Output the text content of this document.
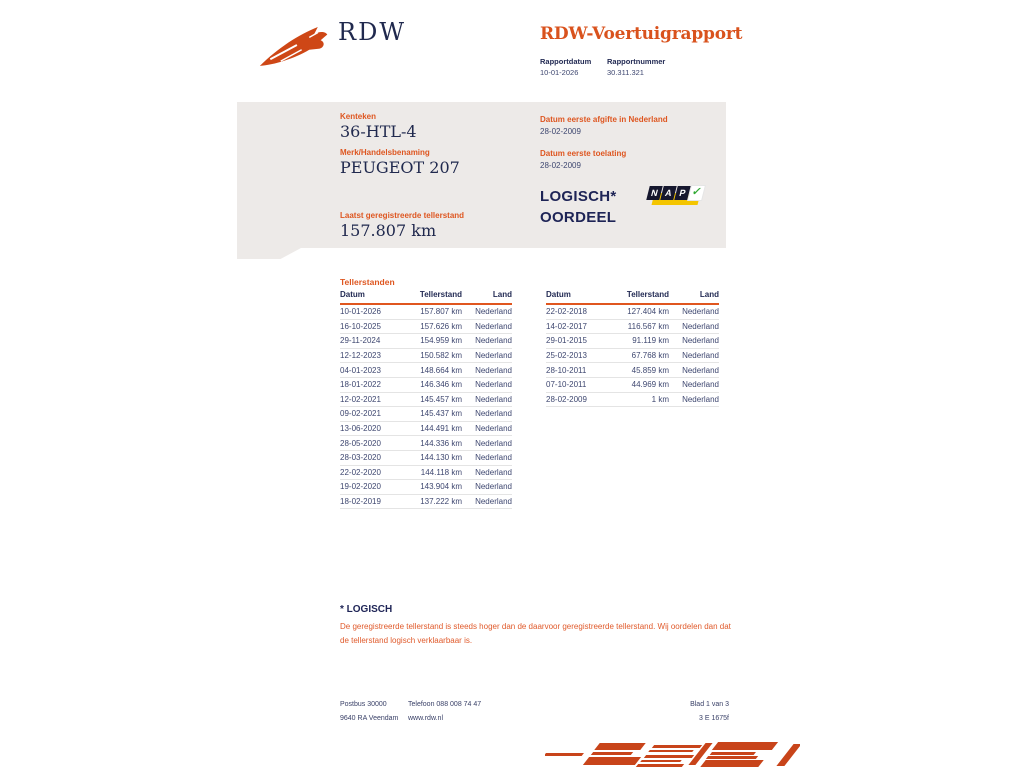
RDW	RDW-Voertuigrapport
Rapportdatum Rapportnummer
10-01-2026	30.311.321
Kenteken
36-HTL-4
Merk/Handelsbenaming
PEUGEOT 207
Laatst geregistreerde tellerstand
157.807 km
Datum eerste afgifte in Nederland
28-02-2009
Datum eerste toelating
28-02-2009
LOGISCH*
OORDEEL
N A P ✓
Tellerstanden
Datum	Tellerstand	Land
10-01-2026	157.807 km	Nederland
16-10-2025	157.626 km	Nederland
29-11-2024	154.959 km	Nederland
12-12-2023	150.582 km	Nederland
04-01-2023	148.664 km	Nederland
18-01-2022	146.346 km	Nederland
12-02-2021	145.457 km	Nederland
09-02-2021	145.437 km	Nederland
13-06-2020	144.491 km	Nederland
28-05-2020	144.336 km	Nederland
28-03-2020	144.130 km	Nederland
22-02-2020	144.118 km	Nederland
19-02-2020	143.904 km	Nederland
18-02-2019	137.222 km	Nederland
Datum	Tellerstand	Land
22-02-2018	127.404 km	Nederland
14-02-2017	116.567 km	Nederland
29-01-2015	91.119 km	Nederland
25-02-2013	67.768 km	Nederland
28-10-2011	45.859 km	Nederland
07-10-2011	44.969 km	Nederland
28-02-2009	1 km	Nederland
* LOGISCH
De geregistreerde tellerstand is steeds hoger dan de daarvoor geregistreerde tellerstand. Wij oordelen dan dat de tellerstand logisch verklaarbaar is.
Postbus 30000
9640 RA Veendam
Telefoon 088 008 74 47
www.rdw.nl
Blad 1 van 3
3 E 1675f
